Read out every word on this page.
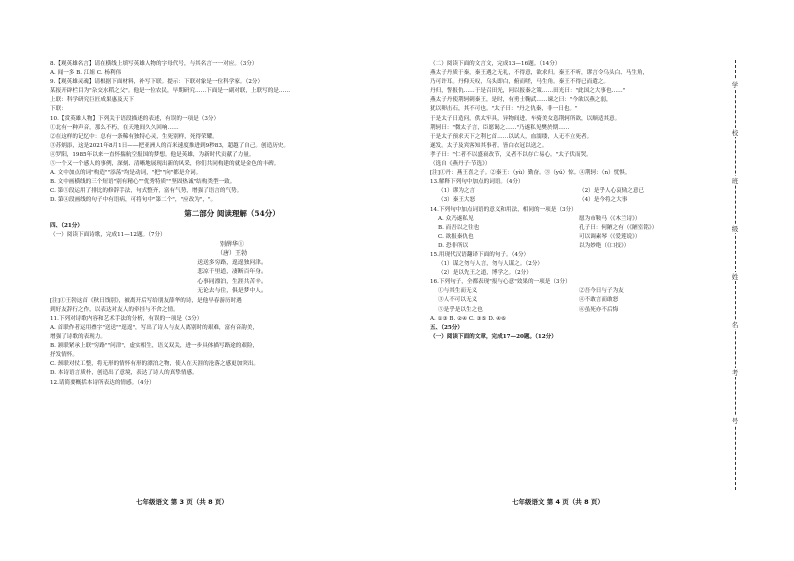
8.【观英雄名言】请在横线上填写英雄人物的字母代号，与其名言一一对应。（3分）
A. 闻一多 B. 江姐 C. 杨利伟
9.【观英雄灵魂】请根据下面材料，补写下联。提示：下联对象是一位科学家。（2分）
某报开辟栏目为"杂交水稻之父"。他是一位农民，早期研究……下面是一副对联，上联写的是……
上联：科学研究巨匠成果惠及天下
下联：
10.【赏英雄人物】下列关于语段描述的表述，有误的一项是（3分）
①北有一种声音，那么不朽，在天地间久久回响……
②在这样的记忆中：总有一条稀有独特心灵，生死别样，死得荣耀。
③苏炳添，这是2021年8月1日——把亚洲人的百米速度推进到9秒83，超越了自己。创造历史。
④罗阳，1985年以来一直怀揣航空报国的梦想。他是英雄，为新时代贡献了力量。
⑤一个又一个感人的事例，深刻、清晰地展现出新的风采，你们共同构建的就是金色的丰碑。
A. 文中加点的词"构造""添荡"均是动词，"把""向"都是介词。
B. 文中画横线的三个短语"别有精心""优秀特质""坚固热诚"结构类型一致。
C. 第⑤段运用了排比的修辞手法，句式整齐，富有气势，增强了语言的气势。
D. 第④段画线的句子中有语病，可将句中"第二个"，"应改为"，"。
第二部分 阅读理解（54分）
四、（21分）
（一）阅读下面诗歌，完成11—12题。（7分）
别薛华①
（唐）王勃
送送多穷路，遑遑独问津。
悲凉千里道，凄断百年身。
心事同漂泊，生涯共苦辛。
无论去与住，俱是梦中人。
[注]①王勃这首《秋日饯别》，被离开后写给朋友薛华的诗，是他早春游历时遇
到好友辞行之作，以表达对友人的牵挂与不舍之情。
11.下列对诗歌内容和艺术手法的分析，有误的一项是（3分）
A. 首联作者运用叠字"送送""遑遑"，写出了诗人与友人离别时的艰难，富有音韵美，
增强了诗歌的表现力。
B. 颔联紧承上联"穷路""问津"，虚实相生，语义双关，进一步具体描写路途的艰险，
抒发情怀。
C. 颈联对仗工整，将无形的情怀有形的漂泊之物，使人在天涯的沧落之感更加突出。
D. 本诗语言质朴，创造出了意境，表达了诗人的真挚情感。
12.请简要概括本诗所表达的情感。（4分）
（二）阅读下面的文言文，完成13—16题。（14分）
燕太子丹质于秦，秦王遇之无礼，不得意，欲求归。秦王不听，谬言令乌头白、马生角，
乃可许耳。丹仰天叹，乌头即白，俯而嗟，马生角。秦王不得已而遣之。
丹归，誓报仇……于是召田光，问以报秦之策……田光曰："此国之大事也……"
燕太子丹使荆轲刺秦王，是时，有勇士鞠武……谏之曰："今欲以燕之弱，
犹以卵击石，其不可也。"太子曰："丹之仇秦，非一日也。"
于是太子日造问，供太牢具，异物间进，车骑美女恣荆轲所欲，以顺适其意。
荆轲曰："微太子言，臣愿谒之……"乃遂私见樊於期……
于是太子预求天下之利匕首……以试人，血濡缕，人无不立死者。
遂发。太子及宾客知其事者，皆白衣冠以送之。
孝子曰："仁者不以盛衰改节，义者不以存亡易心。"太子伏而哭。
（选自《燕丹子·节选》）
[注]①丹：燕王喜之子。②秦王：（yù）勤奋。③（yú）惊。④荆轲：（n）忧惧。
13.解释下列句中加点的词语。（4分）
（1）谬为之言	（2）是乎人心哀恸之意已
（3）秦王大怒	（4）是今将之大事
14.下列句中加点词语的意义和用法，相同的一项是（3分）
A. 众乃遂私见	愿为市鞍马（《木兰诗》）
B. 而吾以之往也	孔子曰：何陋之有（《陋室铭》）
C. 欲报秦仇也	可以调素琴（《爱莲说》）
D. 恐非所以	以为妙绝（《口技》）
15.用现代汉语翻译下面的句子。（4分）
（1）谋之勿与人言，勿与人谋之。（2分）
（2）是以先王之道，博学之。（2分）
16.下列句子，全都表现"报与心意"效果的一项是（3分）
①与其生而无义	②吾今日与子为友
③人不可以无义	④不敢言而敢怒
⑤是乎是以生之也	⑥虽死亦不后悔
A. ①③ B. ②④ C. ③⑤ D. ④⑥
五、（25分）
（一）阅读下面的文章，完成17—20题。（12分）
七年级语文 第 3 页（共 8 页）	七年级语文 第 4 页（共 8 页）
学
校
班
级
姓
名
考
号
